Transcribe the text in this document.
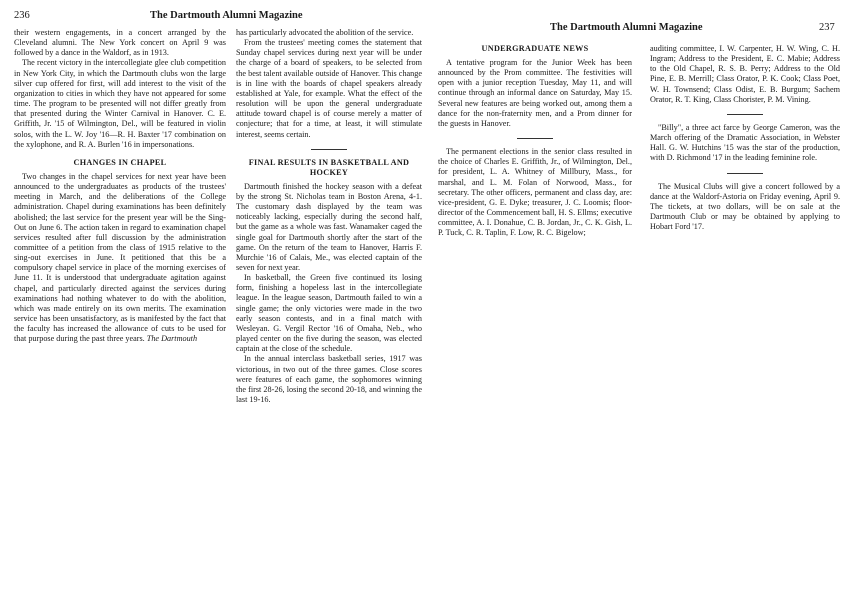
236	The Dartmouth Alumni Magazine

their western engagements, in a concert arranged by the Cleveland alumni. The New York concert on April 9 was followed by a dance in the Waldorf, as in 1913.

The recent victory in the intercollegiate glee club competition in New York City, in which the Dartmouth clubs won the large silver cup offered for first, will add interest to the visit of the organization to cities in which they have not appeared for some time. The program to be presented will not differ greatly from that presented during the Winter Carnival in Hanover. C. E. Griffith, Jr. '15 of Wilmington, Del., will be featured in violin solos, with the L. W. Joy '16—R. H. Baxter '17 combination on the xylophone, and R. A. Burlen '16 in impersonations.

CHANGES IN CHAPEL

Two changes in the chapel services for next year have been announced to the undergraduates as products of the trustees' meeting in March, and the deliberations of the College administration. Chapel during examinations has been definitely abolished; the last service for the present year will be the Sing-Out on June 6. The action taken in regard to examination chapel services resulted after full discussion by the administration committee of a petition from the class of 1915 relative to the sing-out exercises in June. It petitioned that this be a compulsory chapel service in place of the morning exercises of June 11. It is understood that undergraduate agitation against chapel, and particularly directed against the services during examinations had nothing whatever to do with the abolition, which was made entirely on its own merits. The examination service has been unsatisfactory, as is manifested by the fact that the faculty has increased the allowance of cuts to be used for that purpose during the past three years. The Dartmouth

has particularly advocated the abolition of the service.

From the trustees' meeting comes the statement that Sunday chapel services during next year will be under the charge of a board of speakers, to be selected from the best talent available outside of Hanover. This change is in line with the boards of chapel speakers already established at Yale, for example. What the effect of the resolution will be upon the general undergraduate attitude toward chapel is of course merely a matter of conjecture; that for a time, at least, it will stimulate interest, seems certain.

FINAL RESULTS IN BASKETBALL AND HOCKEY

Dartmouth finished the hockey season with a defeat by the strong St. Nicholas team in Boston Arena, 4-1. The customary dash displayed by the team was noticeably lacking, especially during the second half, but the game as a whole was fast. Wanamaker caged the single goal for Dartmouth shortly after the start of the game. On the return of the team to Hanover, Harris F. Murchie '16 of Calais, Me., was elected captain of the seven for next year.

In basketball, the Green five continued its losing form, finishing a hopeless last in the intercollegiate league. In the league season, Dartmouth failed to win a single game; the only victories were made in the two early season contests, and in a final match with Wesleyan. G. Vergil Rector '16 of Omaha, Neb., who played center on the five during the season, was elected captain at the close of the schedule.

In the annual interclass basketball series, 1917 was victorious, in two out of the three games. Close scores were features of each game, the sophomores winning the first 28-26, losing the second 20-18, and winning the last 19-16.

The Dartmouth Alumni Magazine	237
UNDERGRADUATE NEWS

A tentative program for the Junior Week has been announced by the Prom committee. The festivities will open with a junior reception Tuesday, May 11, and will continue through an informal dance on Saturday, May 15. Several new features are being worked out, among them a dance for the non-fraternity men, and a Prom dinner for the guests in Hanover.

The permanent elections in the senior class resulted in the choice of Charles E. Griffith, Jr., of Wilmington, Del., for president, L. A. Whitney of Millbury, Mass., for marshal, and L. M. Folan of Norwood, Mass., for secretary. The other officers, permanent and class day, are: vice-president, G. E. Dyke; treasurer, J. C. Loomis; floor-director of the Commencement ball, H. S. Ellms; executive committee, A. I. Donahue, C. B. Jordan, Jr., C. K. Gish, L. P. Tuck, C. R. Taplin, F. Low, R. C. Bigelow;

auditing committee, I. W. Carpenter, H. W. Wing, C. H. Ingram; Address to the President, E. C. Mabie; Address to the Old Chapel, R. S. B. Perry; Address to the Old Pine, E. B. Merrill; Class Orator, P. K. Cook; Class Poet, W. H. Townsend; Class Odist, E. B. Burgum; Sachem Orator, R. T. King, Class Chorister, P. M. Vining.

"Billy", a three act farce by George Cameron, was the March offering of the Dramatic Association, in Webster Hall. G. W. Hutchins '15 was the star of the production, with D. Richmond '17 in the leading feminine role.

The Musical Clubs will give a concert followed by a dance at the Waldorf-Astoria on Friday evening, April 9. The tickets, at two dollars, will be on sale at the Dartmouth Club or may be obtained by applying to Hobart Ford '17.
